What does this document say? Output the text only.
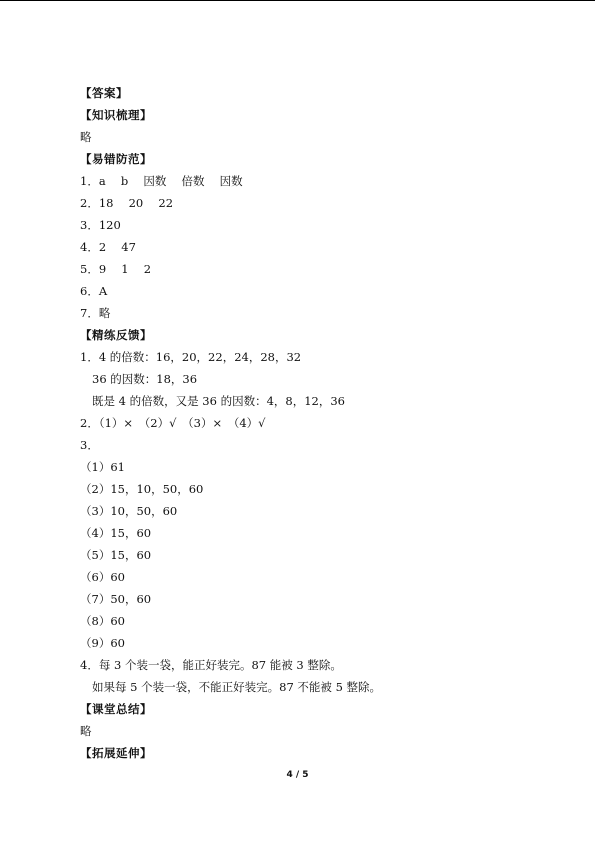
【答案】
【知识梳理】
略
【易错防范】
1．a　 b　 因数　 倍数　 因数
2．18　 20　 22
3．120
4．2　 47
5．9　 1　 2
6．A
7．略
【精练反馈】
1．4 的倍数：16，20，22，24，28，32
36 的因数：18，36
既是 4 的倍数，又是 36 的因数：4，8，12，36
2．（1）×　（2）√　（3）×　（4）√
3．
（1）61
（2）15，10，50，60
（3）10，50，60
（4）15，60
（5）15，60
（6）60
（7）50，60
（8）60
（9）60
4．每 3 个装一袋，能正好装完。87 能被 3 整除。
如果每 5 个装一袋，不能正好装完。87 不能被 5 整除。
【课堂总结】
略
【拓展延伸】
4 / 5
